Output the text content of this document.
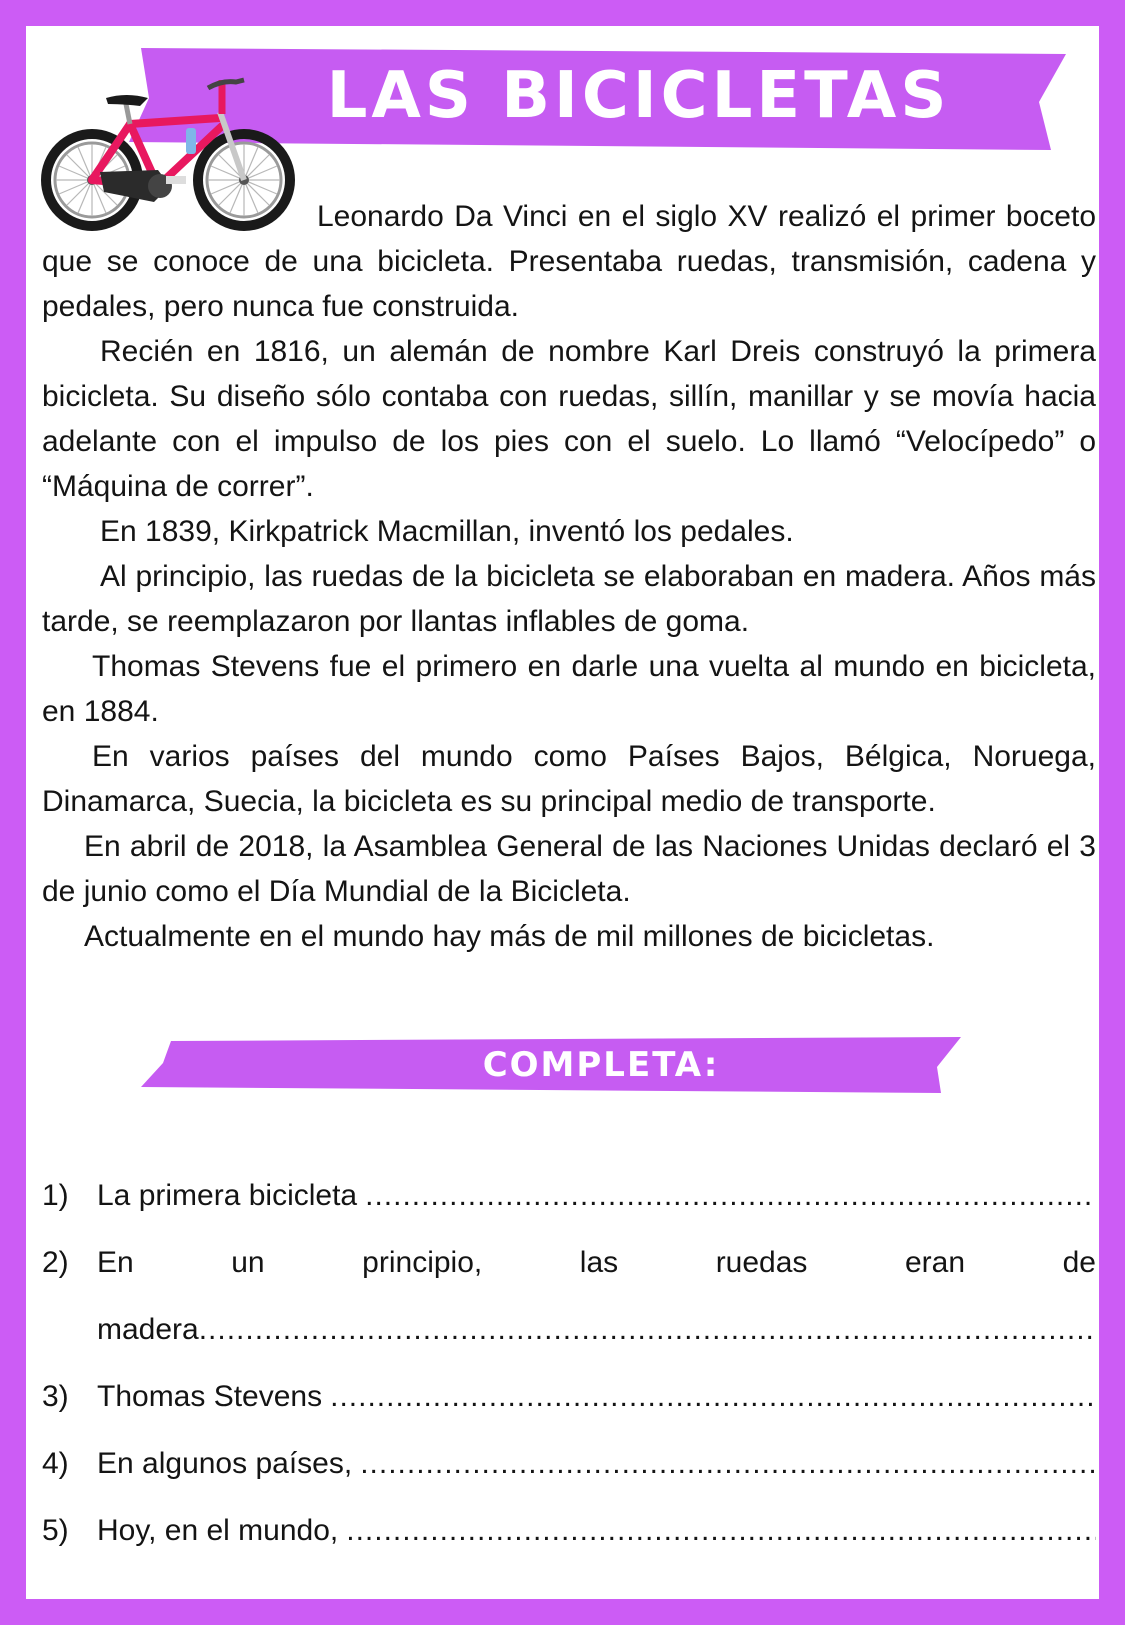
LAS BICICLETAS

Leonardo Da Vinci en el siglo XV realizó el primer boceto que se conoce de una bicicleta. Presentaba ruedas, transmisión, cadena y pedales, pero nunca fue construida.

Recién en 1816, un alemán de nombre Karl Dreis construyó la primera bicicleta. Su diseño sólo contaba con ruedas, sillín, manillar y se movía hacia adelante con el impulso de los pies con el suelo. Lo llamó “Velocípedo” o “Máquina de correr”.

En 1839, Kirkpatrick Macmillan, inventó los pedales.

Al principio, las ruedas de la bicicleta se elaboraban en madera. Años más tarde, se reemplazaron por llantas inflables de goma.

Thomas Stevens fue el primero en darle una vuelta al mundo en bicicleta, en 1884.

En varios países del mundo como Países Bajos, Bélgica, Noruega, Dinamarca, Suecia, la bicicleta es su principal medio de transporte.

En abril de 2018, la Asamblea General de las Naciones Unidas declaró el 3 de junio como el Día Mundial de la Bicicleta.

Actualmente en el mundo hay más de mil millones de bicicletas.

COMPLETA:
1) La primera bicicleta
.....
2) En	un	principio,	las	ruedas	eran	de
madera
.....
3) Thomas Stevens
.....
4) En algunos países,
.....
5) Hoy, en el mundo,
.....
